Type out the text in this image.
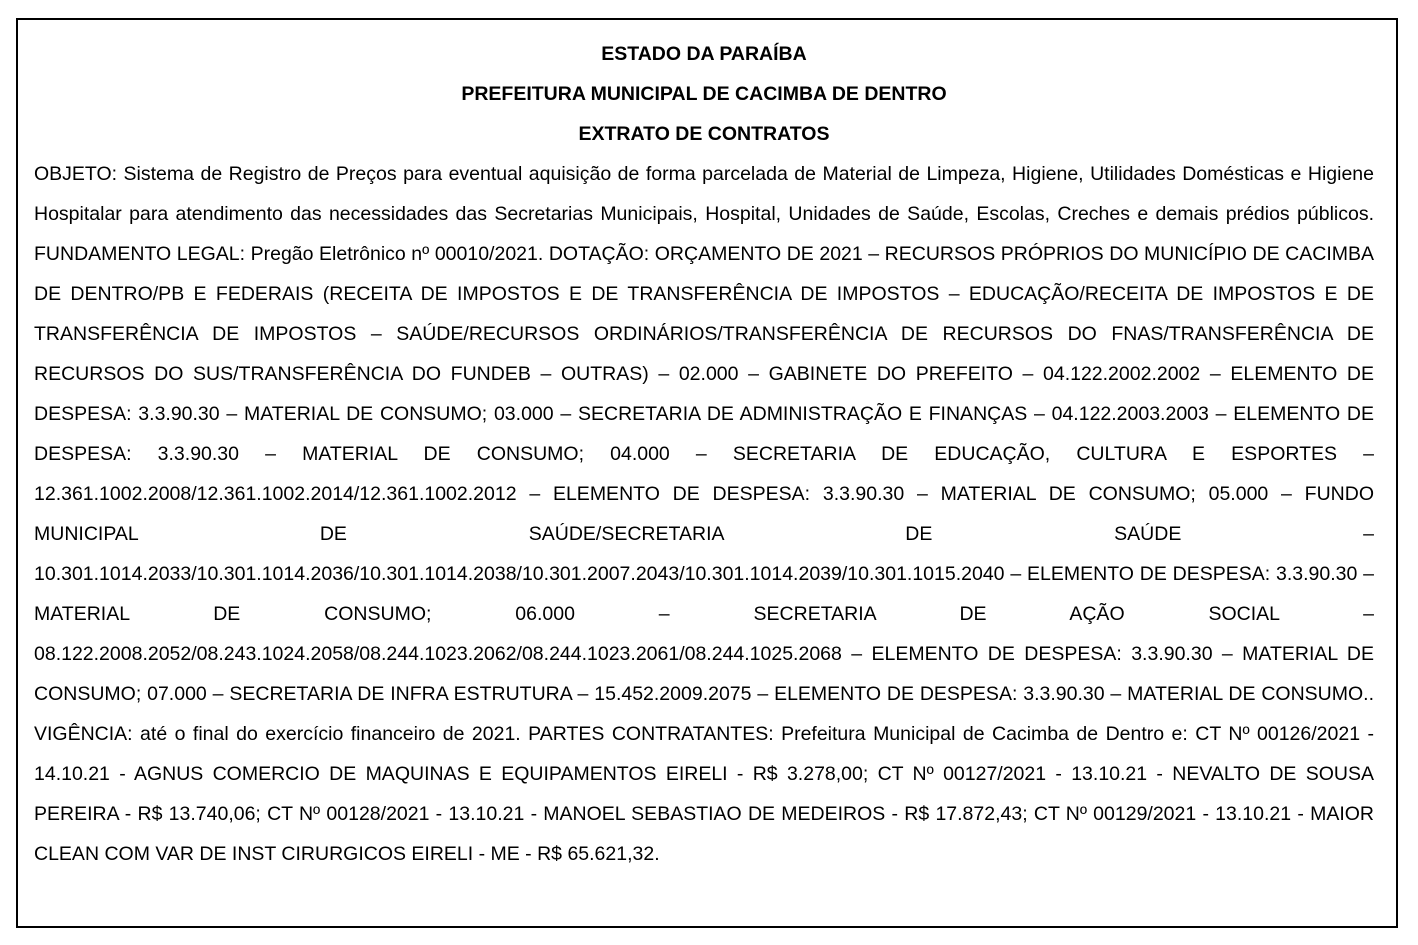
ESTADO DA PARAÍBA
PREFEITURA MUNICIPAL DE CACIMBA DE DENTRO
EXTRATO DE CONTRATOS

OBJETO: Sistema de Registro de Preços para eventual aquisição de forma parcelada de Material de Limpeza, Higiene, Utilidades Domésticas e Higiene Hospitalar para atendimento das necessidades das Secretarias Municipais, Hospital, Unidades de Saúde, Escolas, Creches e demais prédios públicos. FUNDAMENTO LEGAL: Pregão Eletrônico nº 00010/2021. DOTAÇÃO: ORÇAMENTO DE 2021 – RECURSOS PRÓPRIOS DO MUNICÍPIO DE CACIMBA DE DENTRO/PB E FEDERAIS (RECEITA DE IMPOSTOS E DE TRANSFERÊNCIA DE IMPOSTOS – EDUCAÇÃO/RECEITA DE IMPOSTOS E DE TRANSFERÊNCIA DE IMPOSTOS – SAÚDE/RECURSOS ORDINÁRIOS/TRANSFERÊNCIA DE RECURSOS DO FNAS/TRANSFERÊNCIA DE RECURSOS DO SUS/TRANSFERÊNCIA DO FUNDEB – OUTRAS) – 02.000 – GABINETE DO PREFEITO – 04.122.2002.2002 – ELEMENTO DE DESPESA: 3.3.90.30 – MATERIAL DE CONSUMO; 03.000 – SECRETARIA DE ADMINISTRAÇÃO E FINANÇAS – 04.122.2003.2003 – ELEMENTO DE DESPESA: 3.3.90.30 – MATERIAL DE CONSUMO; 04.000 – SECRETARIA DE EDUCAÇÃO, CULTURA E ESPORTES – 12.361.1002.2008/12.361.1002.2014/12.361.1002.2012 – ELEMENTO DE DESPESA: 3.3.90.30 – MATERIAL DE CONSUMO; 05.000 – FUNDO MUNICIPAL DE SAÚDE/SECRETARIA DE SAÚDE – 10.301.1014.2033/10.301.1014.2036/10.301.1014.2038/10.301.2007.2043/10.301.1014.2039/10.301.1015.2040 – ELEMENTO DE DESPESA: 3.3.90.30 – MATERIAL DE CONSUMO; 06.000 – SECRETARIA DE AÇÃO SOCIAL – 08.122.2008.2052/08.243.1024.2058/08.244.1023.2062/08.244.1023.2061/08.244.1025.2068 – ELEMENTO DE DESPESA: 3.3.90.30 – MATERIAL DE CONSUMO; 07.000 – SECRETARIA DE INFRA ESTRUTURA – 15.452.2009.2075 – ELEMENTO DE DESPESA: 3.3.90.30 – MATERIAL DE CONSUMO.. VIGÊNCIA: até o final do exercício financeiro de 2021. PARTES CONTRATANTES: Prefeitura Municipal de Cacimba de Dentro e: CT Nº 00126/2021 - 14.10.21 - AGNUS COMERCIO DE MAQUINAS E EQUIPAMENTOS EIRELI - R$ 3.278,00; CT Nº 00127/2021 - 13.10.21 - NEVALTO DE SOUSA PEREIRA - R$ 13.740,06; CT Nº 00128/2021 - 13.10.21 - MANOEL SEBASTIAO DE MEDEIROS - R$ 17.872,43; CT Nº 00129/2021 - 13.10.21 - MAIOR CLEAN COM VAR DE INST CIRURGICOS EIRELI - ME - R$ 65.621,32.
